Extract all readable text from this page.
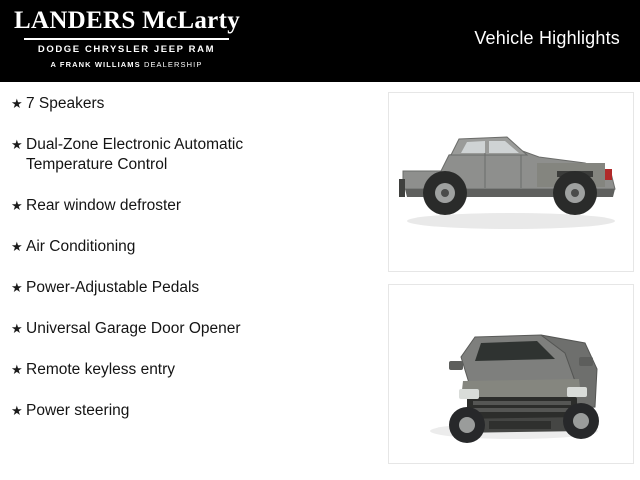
LANDERS McLarty
DODGE CHRYSLER JEEP RAM
A FRANK WILLIAMS DEALERSHIP
Vehicle Highlights
★ 7 Speakers
★ Dual-Zone Electronic Automatic Temperature Control
★ Rear window defroster
★ Air Conditioning
★ Power-Adjustable Pedals
★ Universal Garage Door Opener
★ Remote keyless entry
★ Power steering
